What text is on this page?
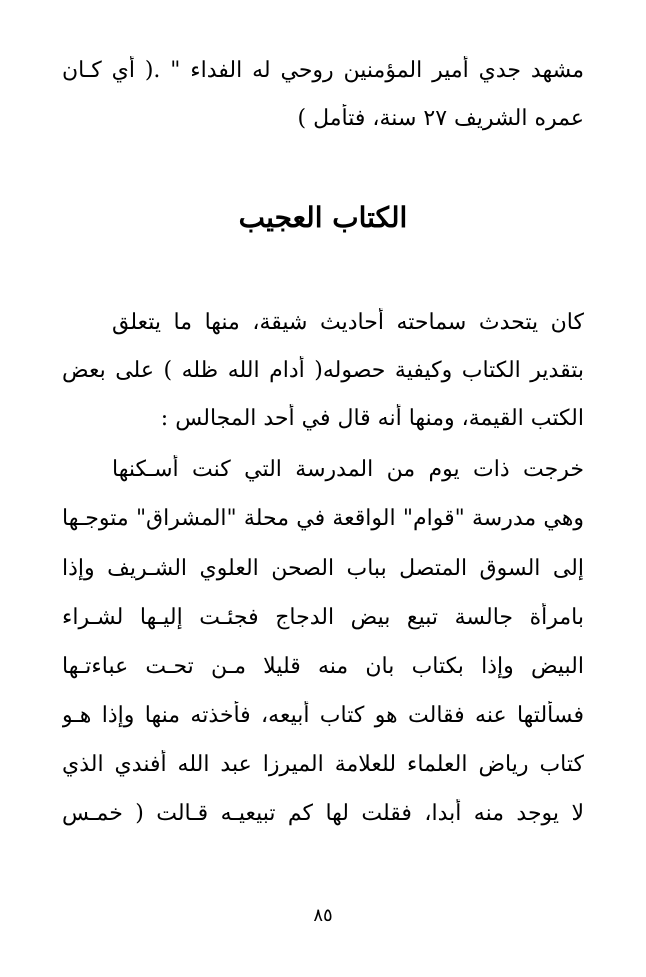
مشهد جدي أمير المؤمنين روحي له الفداء " .( أي كـان
عمره الشريف ٢٧ سنة، فتأمل )
الكتاب العجيب
كان يتحدث سماحته أحاديث شيقة، منها ما يتعلق
بتقدير الكتاب وكيفية حصوله( أدام الله ظله ) على بعض
الكتب القيمة، ومنها أنه قال في أحد المجالس :
خرجت ذات يوم من المدرسة التي كنت أسـكنها
وهي مدرسة "قوام" الواقعة في محلة "المشراق" متوجـها
إلى السوق المتصل بباب الصحن العلوي الشـريف وإذا
بامرأة جالسة تبيع بيض الدجاج فجئـت إليـها لشـراء
البيض وإذا بكتاب بان منه قليلا مـن تحـت عباءتـها
فسألتها عنه فقالت هو كتاب أبيعه، فأخذته منها وإذا هـو
كتاب رياض العلماء للعلامة الميرزا عبد الله أفندي الذي
لا يوجد منه أبدا، فقلت لها كم تبيعيـه قـالت ( خمـس
٨٥
